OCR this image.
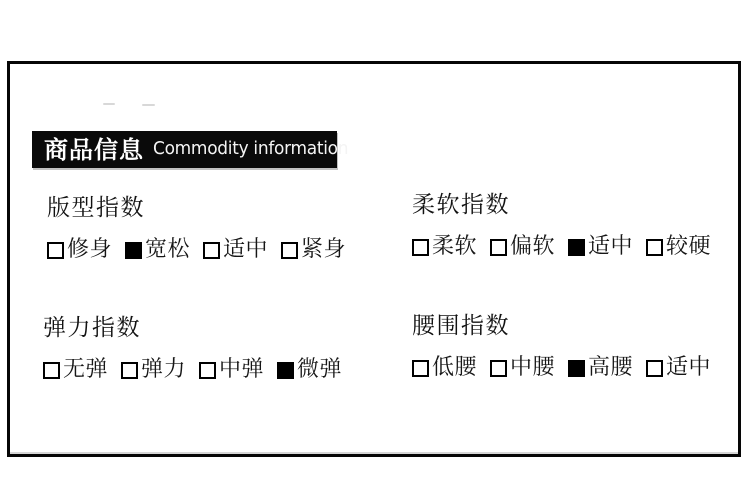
商品信息 Commodity information
版型指数
修身 宽松 适中 紧身
柔软指数
柔软 偏软 适中 较硬
弹力指数
无弹 弹力 中弹 微弹
腰围指数
低腰 中腰 高腰 适中
